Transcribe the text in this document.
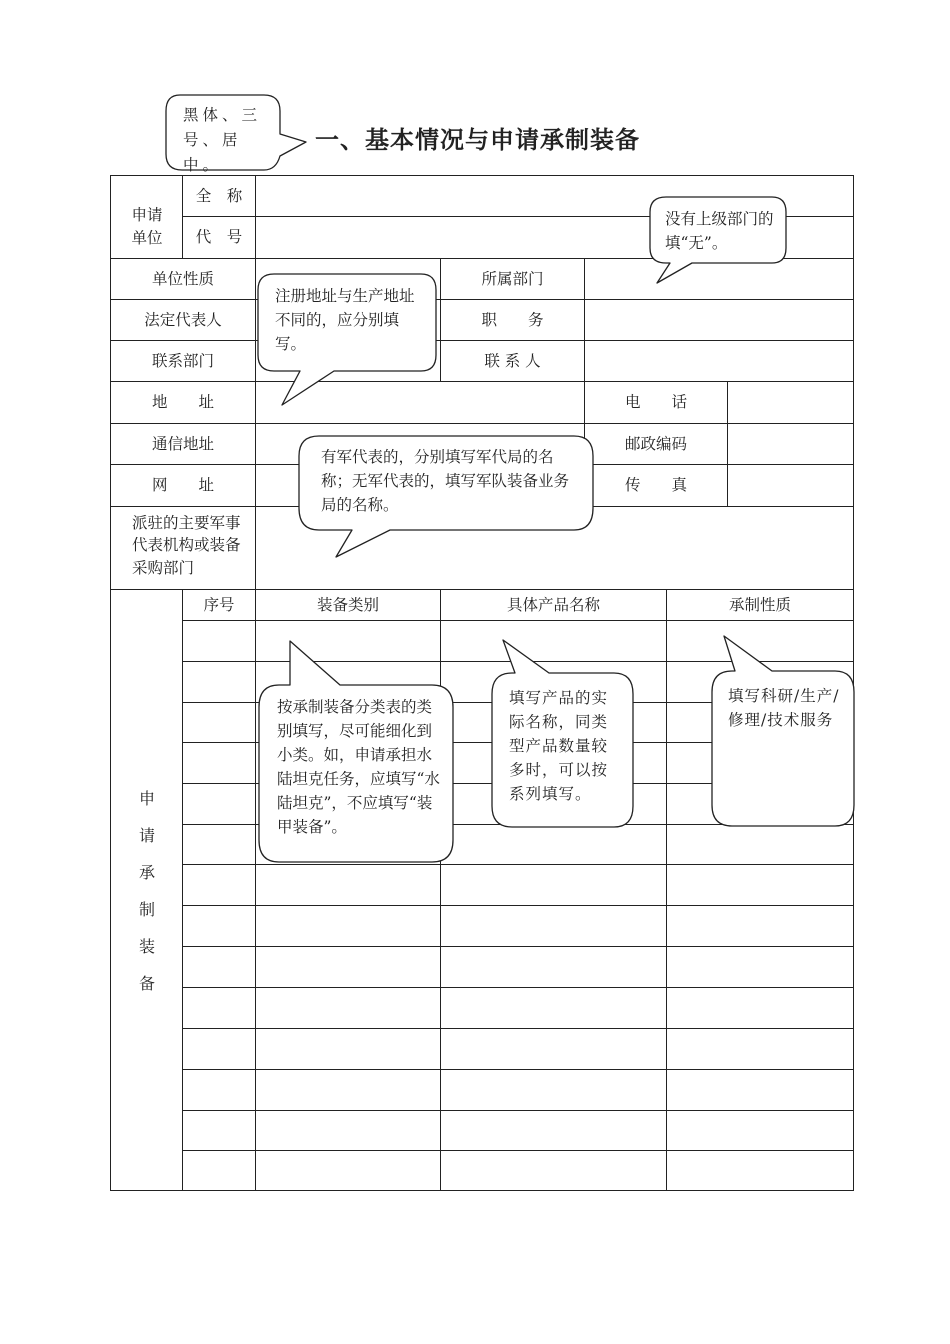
一、基本情况与申请承制装备
申请
单位
全　称
代　号
单位性质	所属部门
法定代表人	职　　务
联系部门	联 系 人
地　　址	电　　话
通信地址	邮政编码
网　　址	传　　真
派驻的主要军事代表机构或装备采购部门
序号	装备类别	具体产品名称	承制性质
申
请
承
制
装
备
黑体、三号、居中。
没有上级部门的填“无”。
注册地址与生产地址不同的，应分别填写。
有军代表的，分别填写军代局的名称；无军代表的，填写军队装备业务局的名称。
按承制装备分类表的类别填写，尽可能细化到小类。如，申请承担水陆坦克任务，应填写“水陆坦克”，不应填写“装甲装备”。
填写产品的实际名称，同类型产品数量较多时，可以按系列填写。
填写科研/生产/修理/技术服务
